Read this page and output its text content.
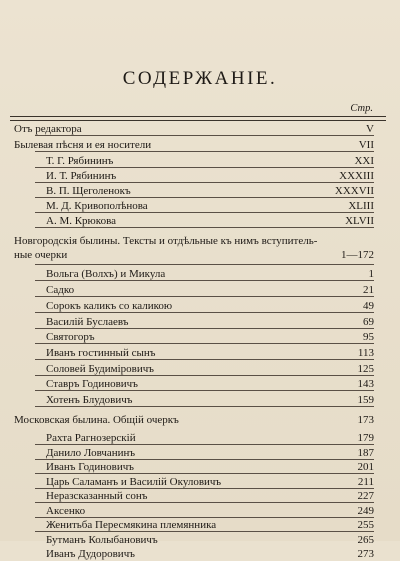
СОДЕРЖАНІЕ.
Стр.
Отъ редактора	V
Былевая пѣсня и ея носители	VII
Т. Г. Рябининъ	XXI
И. Т. Рябининъ	XXXIII
В. П. Щеголенокъ	XXXVII
М. Д. Кривополѣнова	XLIII
А. М. Крюкова	XLVII
Новгородскія былины. Тексты и отдѣльные къ нимъ вступитель-
ные очерки	1—172
Вольга (Волхъ) и Микула	1
Садко	21
Сорокъ каликъ со каликою	49
Василій Буслаевъ	69
Святогоръ	95
Иванъ гостинный сынъ	113
Соловей Будиміровичъ	125
Ставръ Годиновичъ	143
Хотенъ Блудовичъ	159
Московская былина. Общій очеркъ	173
Рахта Рагнозерскій	179
Данило Ловчанинъ	187
Иванъ Годиновичъ	201
Царь Саламанъ и Василій Окуловичъ	211
Неразсказанный сонъ	227
Аксенко	249
Женитьба Пересмякина племянника	255
Бутманъ Колыбановичъ	265
Иванъ Дудоровичъ	273
